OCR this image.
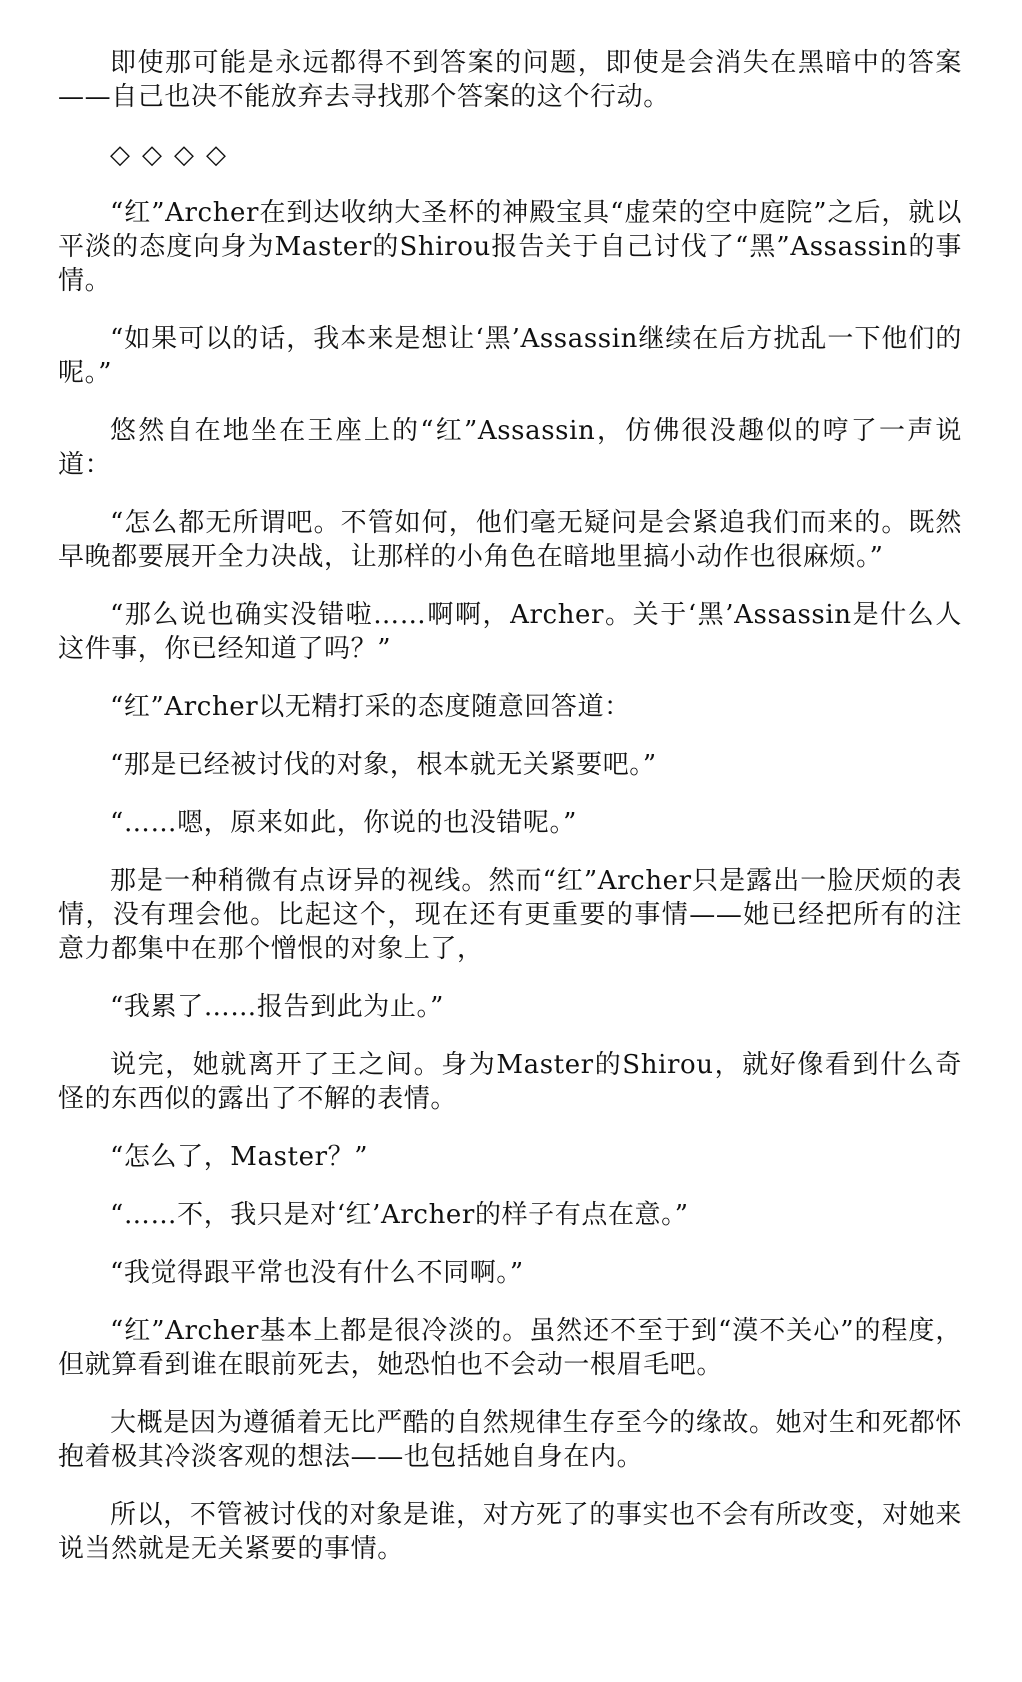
即使那可能是永远都得不到答案的问题，即使是会消失在黑暗中的答案——自己也决不能放弃去寻找那个答案的这个行动。

◇◇◇◇

“红”Archer在到达收纳大圣杯的神殿宝具“虚荣的空中庭院”之后，就以平淡的态度向身为Master的Shirou报告关于自己讨伐了“黑”Assassin的事情。

“如果可以的话，我本来是想让‘黑’Assassin继续在后方扰乱一下他们的呢。”

悠然自在地坐在王座上的“红”Assassin，仿佛很没趣似的哼了一声说道：

“怎么都无所谓吧。不管如何，他们毫无疑问是会紧追我们而来的。既然早晚都要展开全力决战，让那样的小角色在暗地里搞小动作也很麻烦。”

“那么说也确实没错啦……啊啊，Archer。关于‘黑’Assassin是什么人这件事，你已经知道了吗？”

“红”Archer以无精打采的态度随意回答道：

“那是已经被讨伐的对象，根本就无关紧要吧。”

“……嗯，原来如此，你说的也没错呢。”

那是一种稍微有点讶异的视线。然而“红”Archer只是露出一脸厌烦的表情，没有理会他。比起这个，现在还有更重要的事情——她已经把所有的注意力都集中在那个憎恨的对象上了，

“我累了……报告到此为止。”

说完，她就离开了王之间。身为Master的Shirou，就好像看到什么奇怪的东西似的露出了不解的表情。

“怎么了，Master？”

“……不，我只是对‘红’Archer的样子有点在意。”

“我觉得跟平常也没有什么不同啊。”

“红”Archer基本上都是很冷淡的。虽然还不至于到“漠不关心”的程度，但就算看到谁在眼前死去，她恐怕也不会动一根眉毛吧。

大概是因为遵循着无比严酷的自然规律生存至今的缘故。她对生和死都怀抱着极其冷淡客观的想法——也包括她自身在内。

所以，不管被讨伐的对象是谁，对方死了的事实也不会有所改变，对她来说当然就是无关紧要的事情。
